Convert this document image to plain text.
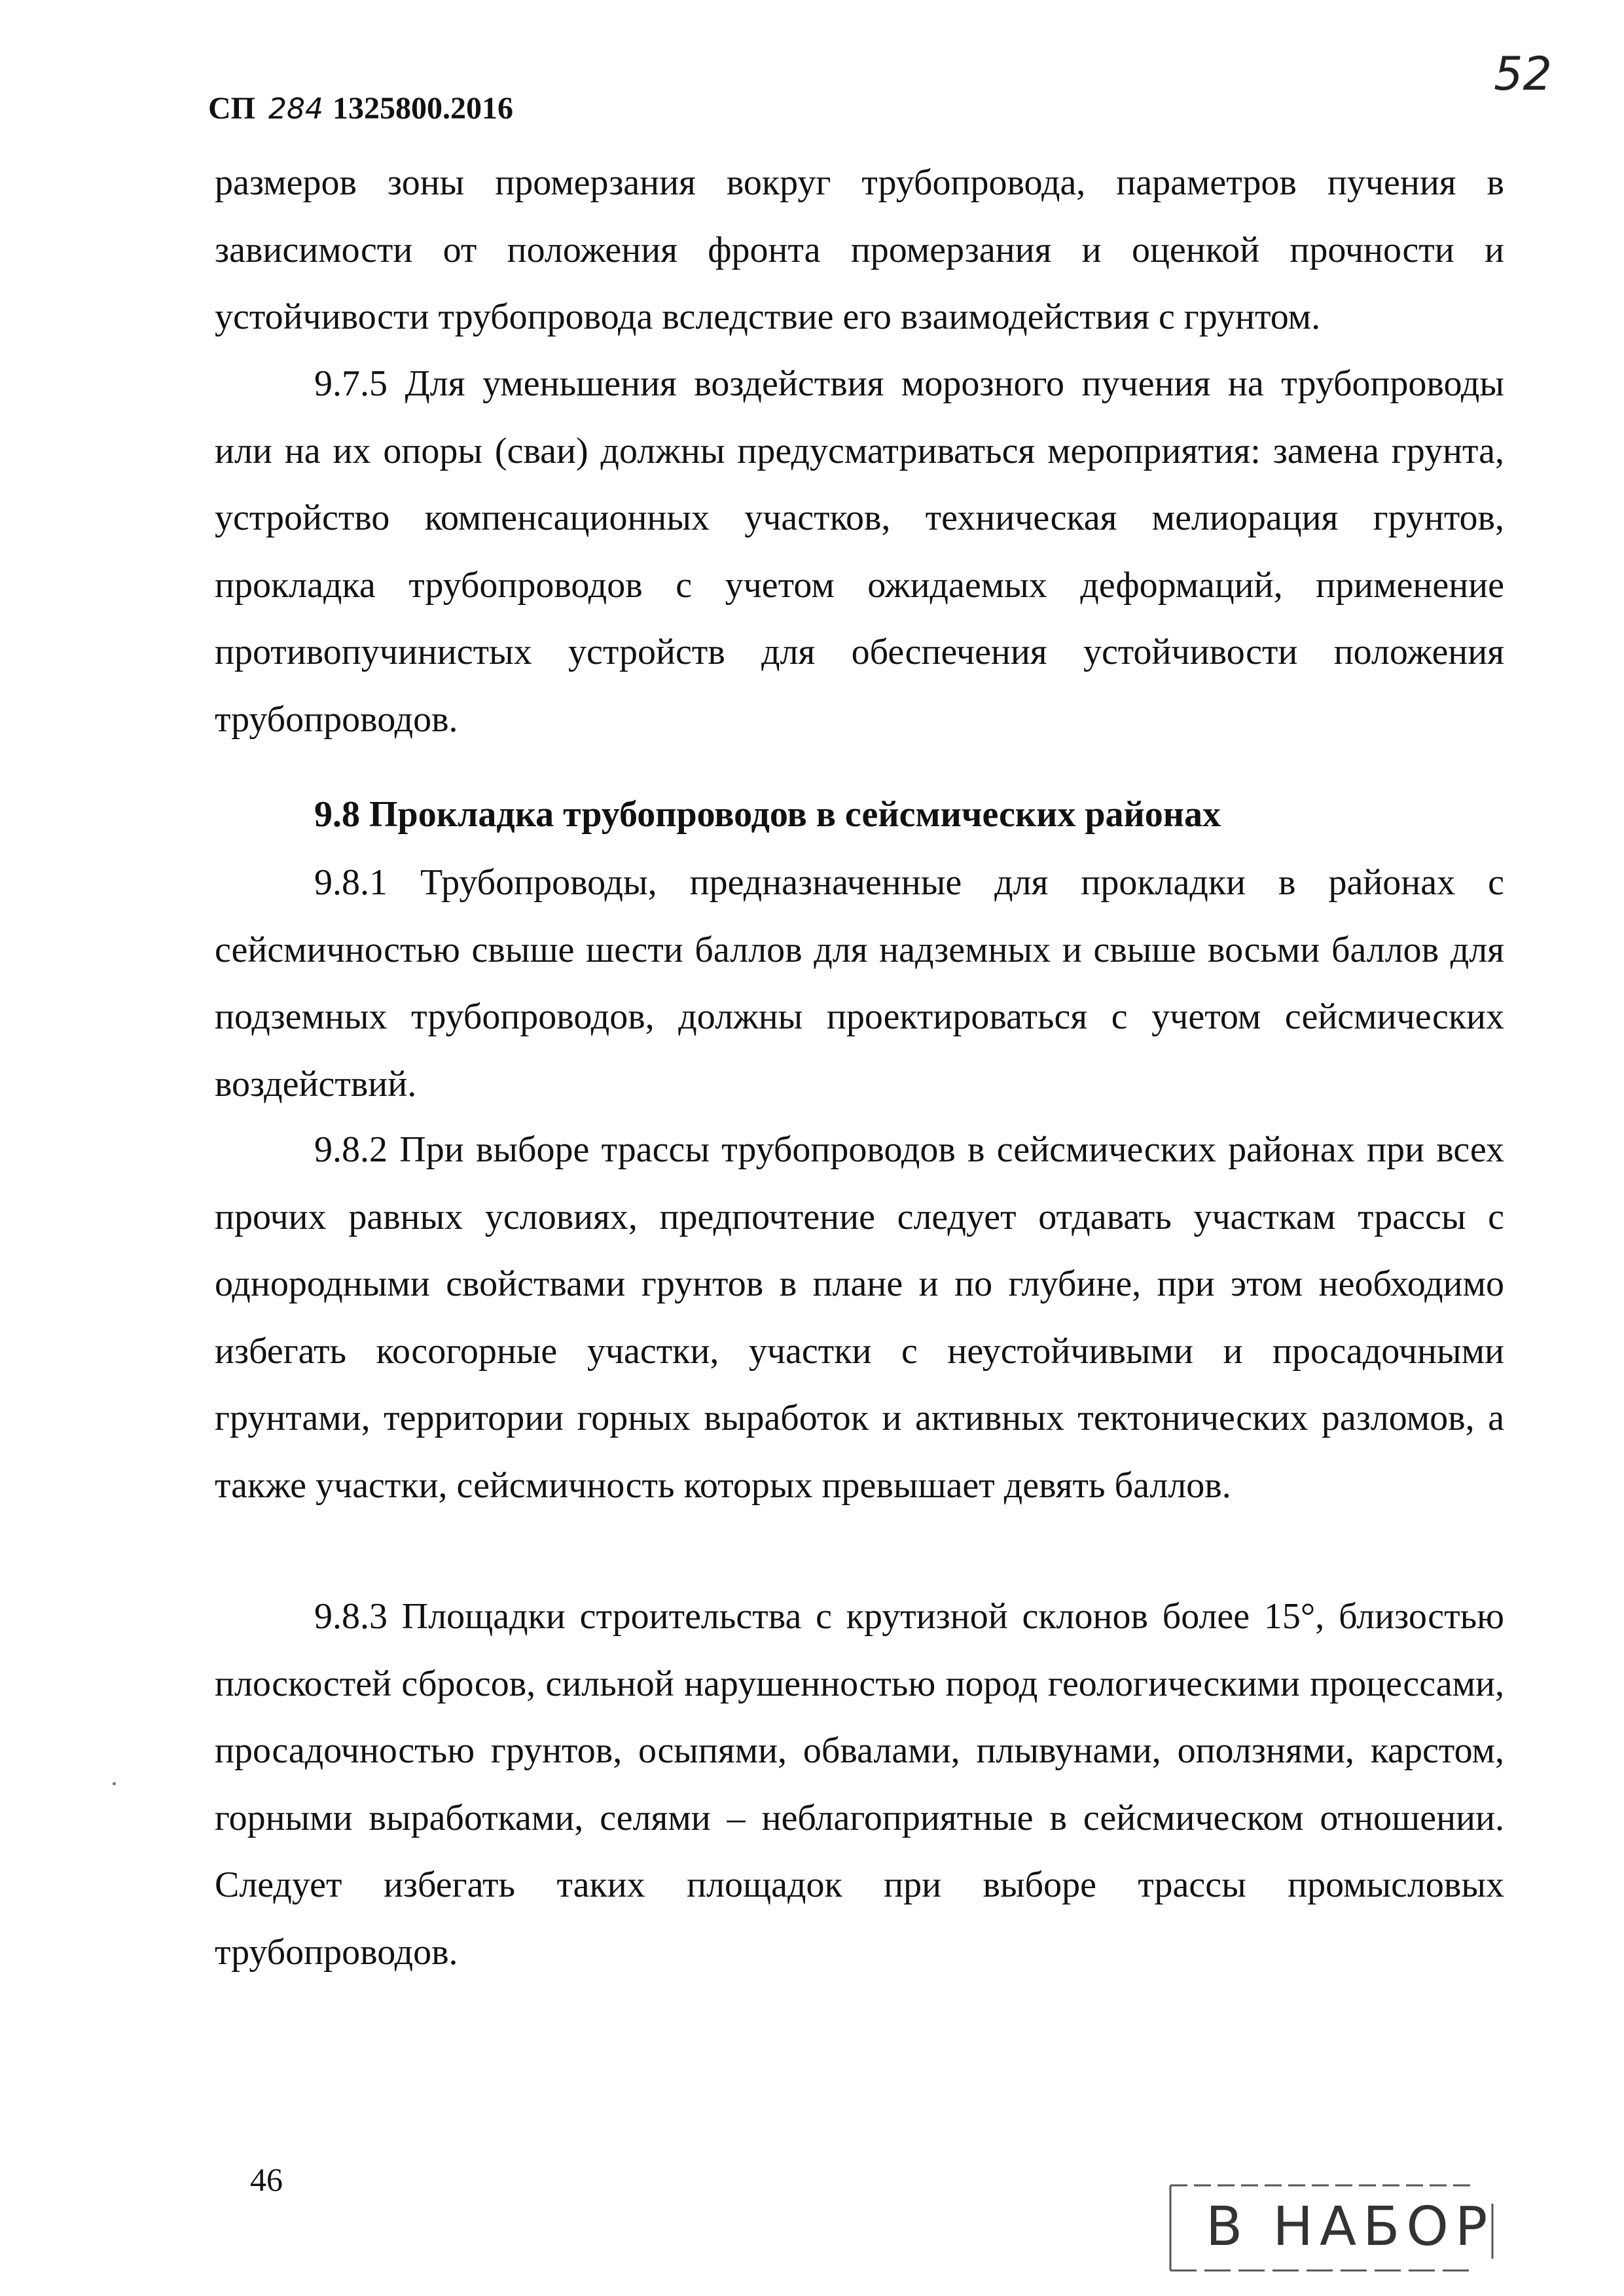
СП 284 1325800.2016
52

размеров зоны промерзания вокруг трубопровода, параметров пучения в зависимости от положения фронта промерзания и оценкой прочности и устойчивости трубопровода вследствие его взаимодействия с грунтом.

9.7.5 Для уменьшения воздействия морозного пучения на трубопроводы или на их опоры (сваи) должны предусматриваться мероприятия: замена грунта, устройство компенсационных участков, техническая мелиорация грунтов, прокладка трубопроводов с учетом ожидаемых деформаций, применение противопучинистых устройств для обеспечения устойчивости положения трубопроводов.

9.8 Прокладка трубопроводов в сейсмических районах

9.8.1 Трубопроводы, предназначенные для прокладки в районах с сейсмичностью свыше шести баллов для надземных и свыше восьми баллов для подземных трубопроводов, должны проектироваться с учетом сейсмических воздействий.

9.8.2 При выборе трассы трубопроводов в сейсмических районах при всех прочих равных условиях, предпочтение следует отдавать участкам трассы с однородными свойствами грунтов в плане и по глубине, при этом необходимо избегать косогорные участки, участки с неустойчивыми и просадочными грунтами, территории горных выработок и активных тектонических разломов, а также участки, сейсмичность которых превышает девять баллов.

9.8.3 Площадки строительства с крутизной склонов более 15°, близостью плоскостей сбросов, сильной нарушенностью пород геологическими процессами, просадочностью грунтов, осыпями, обвалами, плывунами, оползнями, карстом, горными выработками, селями – неблагоприятные в сейсмическом отношении. Следует избегать таких площадок при выборе трассы промысловых трубопроводов.

46
В НАБОР
